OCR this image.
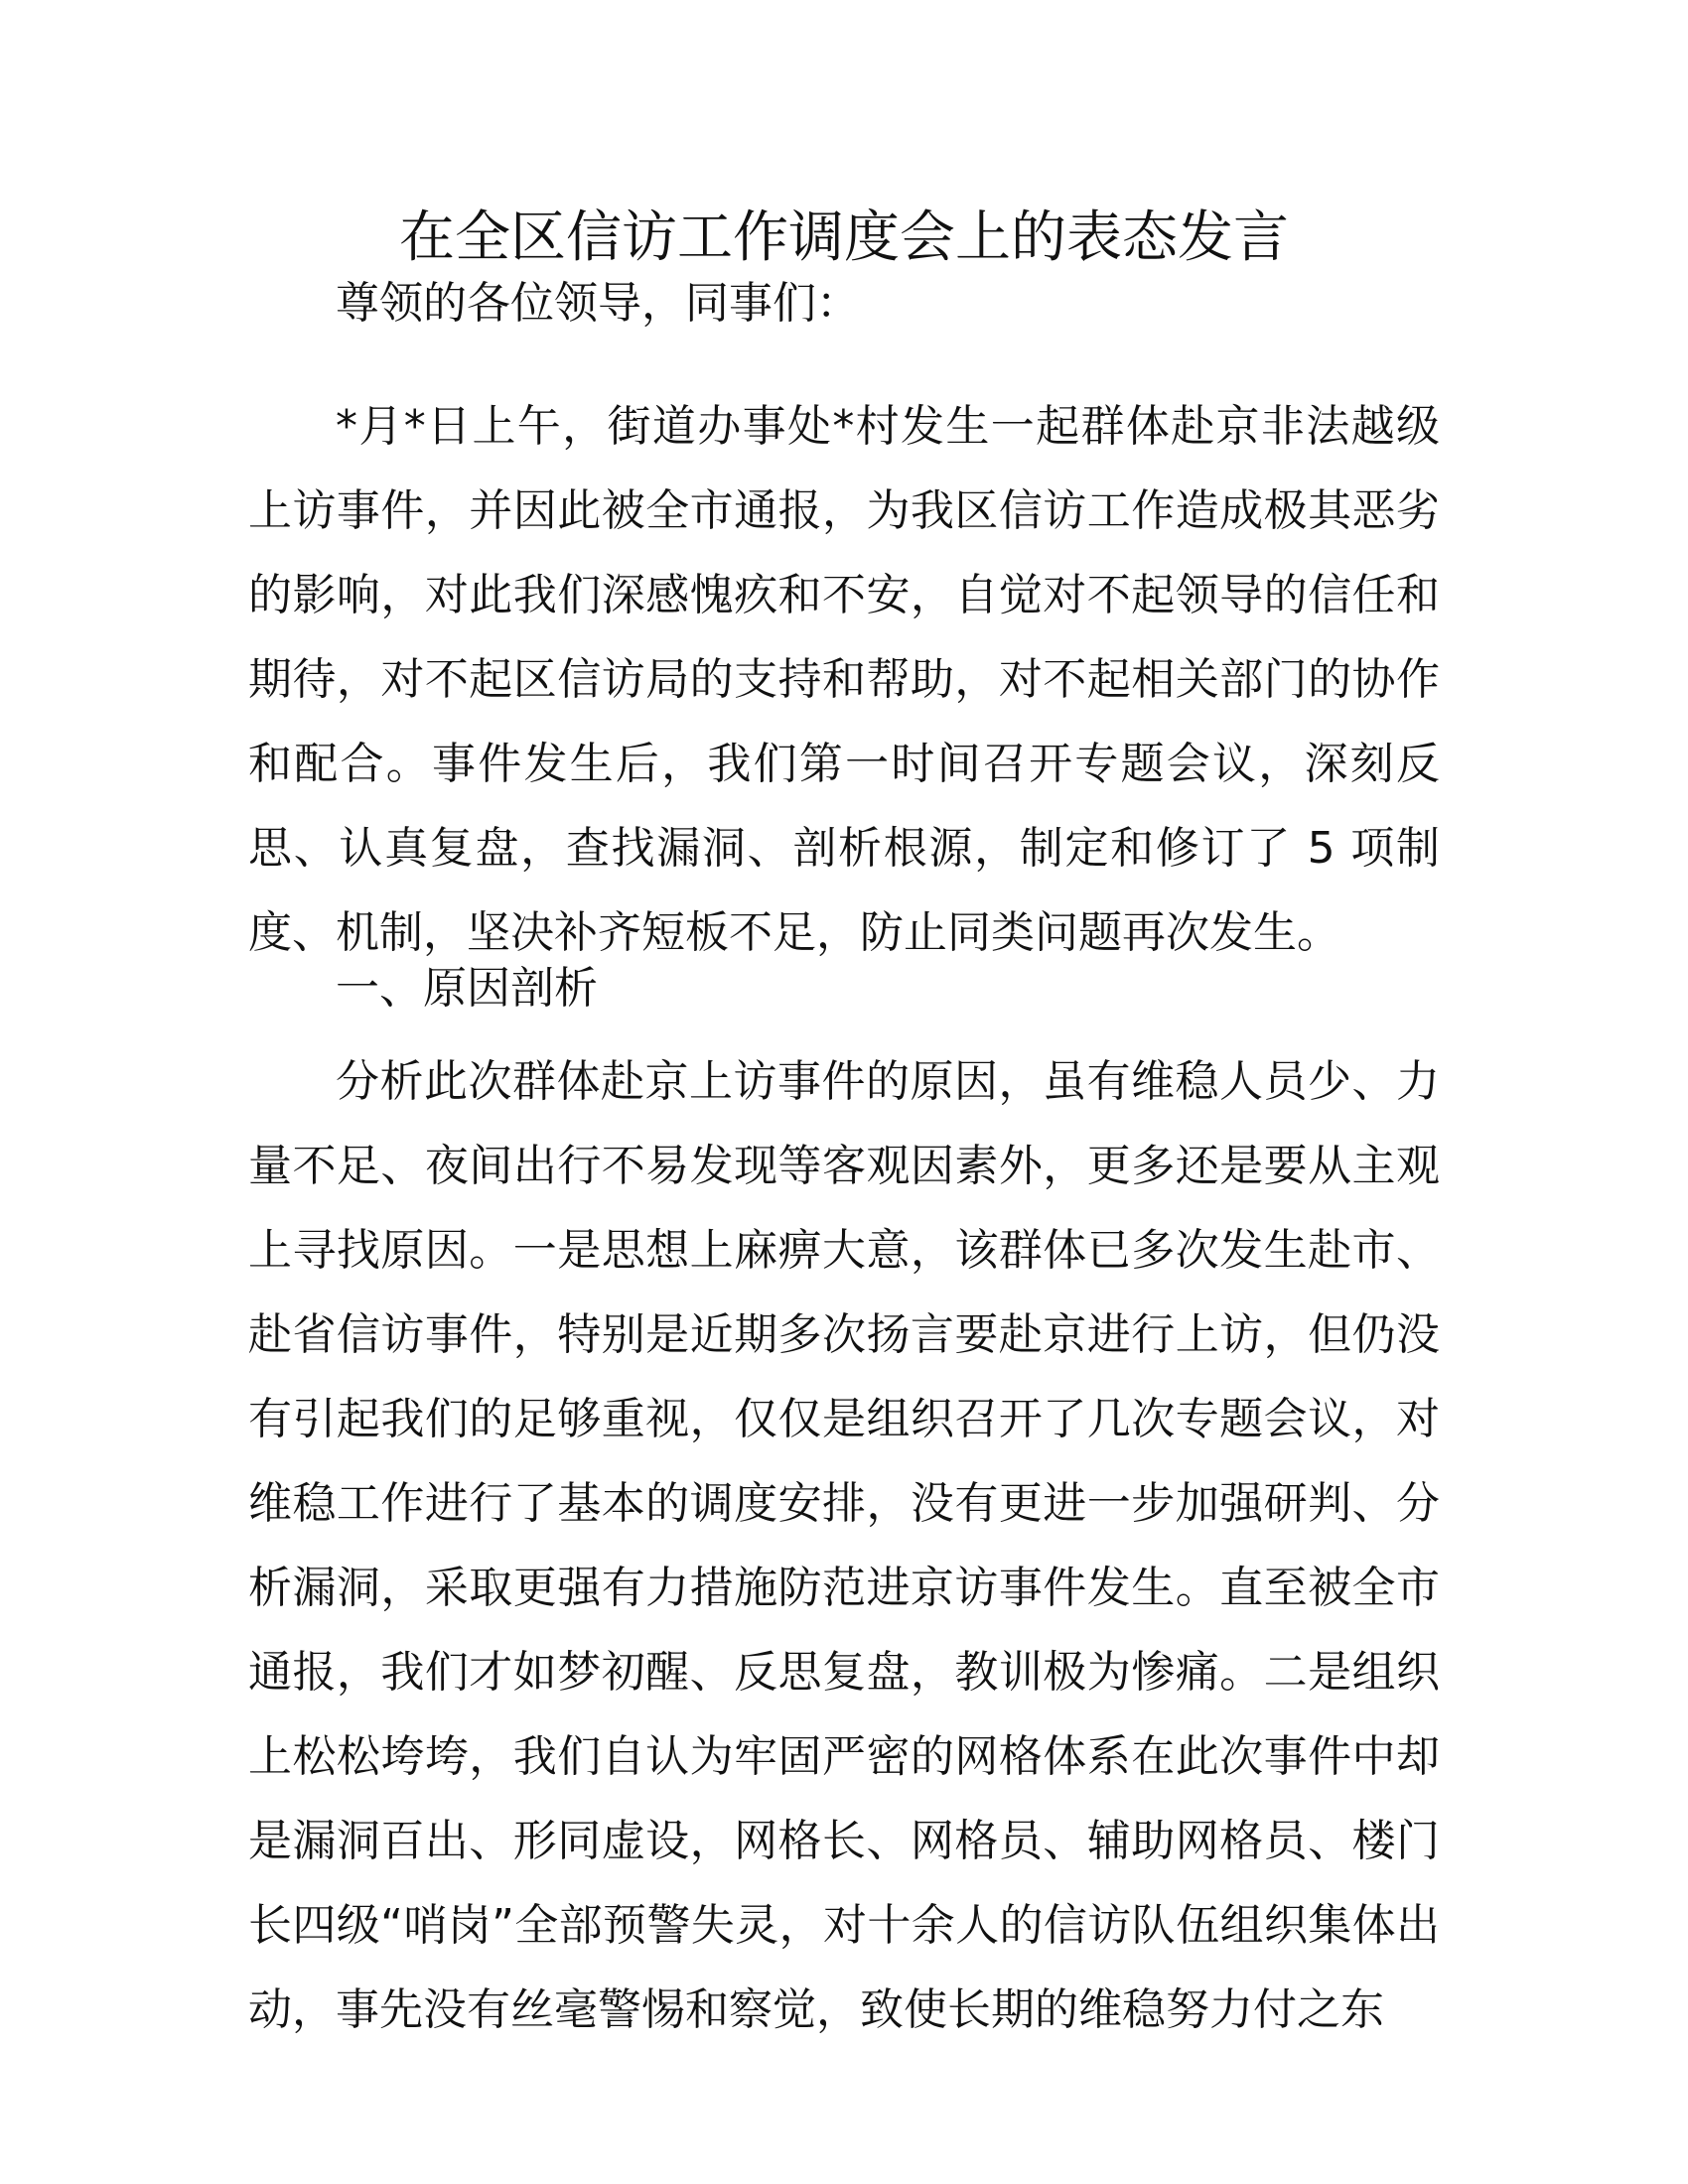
在全区信访工作调度会上的表态发言

尊领的各位领导，同事们：

*月*日上午，街道办事处*村发生一起群体赴京非法越级上访事件，并因此被全市通报，为我区信访工作造成极其恶劣的影响，对此我们深感愧疚和不安，自觉对不起领导的信任和期待，对不起区信访局的支持和帮助，对不起相关部门的协作和配合。事件发生后，我们第一时间召开专题会议，深刻反思、认真复盘，查找漏洞、剖析根源，制定和修订了 5 项制度、机制，坚决补齐短板不足，防止同类问题再次发生。

一、原因剖析

分析此次群体赴京上访事件的原因，虽有维稳人员少、力量不足、夜间出行不易发现等客观因素外，更多还是要从主观上寻找原因。一是思想上麻痹大意，该群体已多次发生赴市、赴省信访事件，特别是近期多次扬言要赴京进行上访，但仍没有引起我们的足够重视，仅仅是组织召开了几次专题会议，对维稳工作进行了基本的调度安排，没有更进一步加强研判、分析漏洞，采取更强有力措施防范进京访事件发生。直至被全市通报，我们才如梦初醒、反思复盘，教训极为惨痛。二是组织上松松垮垮，我们自认为牢固严密的网格体系在此次事件中却是漏洞百出、形同虚设，网格长、网格员、辅助网格员、楼门长四级“哨岗”全部预警失灵，对十余人的信访队伍组织集体出动，事先没有丝毫警惕和察觉，致使长期的维稳努力付之东
